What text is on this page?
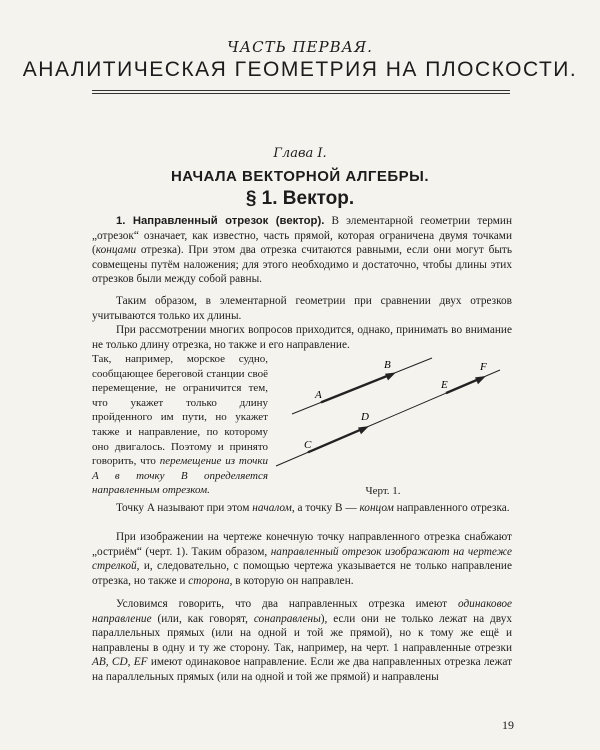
ЧАСТЬ ПЕРВАЯ.
АНАЛИТИЧЕСКАЯ ГЕОМЕТРИЯ НА ПЛОСКОСТИ.
Глава I.
НАЧАЛА ВЕКТОРНОЙ АЛГЕБРЫ.
§ 1. Вектор.

1. Направленный отрезок (вектор). В элементарной геометрии термин „отрезок“ означает, как известно, часть прямой, которая ограничена двумя точками (концами отрезка). При этом два отрезка считаются равными, если они могут быть совмещены путём наложения; для этого необходимо и достаточно, чтобы длины этих отрезков были между собой равны.

Таким образом, в элементарной геометрии при сравнении двух отрезков учитываются только их длины.

При рассмотрении многих вопросов приходится, однако, принимать во внимание не только длину отрезка, но также и его направление.

Так, например, морское судно, сообщающее береговой станции своё перемещение, не ограничится тем, что укажет только длину пройденного им пути, но укажет также и направление, по которому оно двигалось. Поэтому и принято говорить, что перемещение из точки A в точку B определяется направленным отрезком.

A
B
C
D
E
F
Черт. 1.

Точку A называют при этом началом, а точку B — концом направленного отрезка.

При изображении на чертеже конечную точку направленного отрезка снабжают „остриём“ (черт. 1). Таким образом, направленный отрезок изображают на чертеже стрелкой, и, следовательно, с помощью чертежа указывается не только направление отрезка, но также и сторона, в которую он направлен.

Условимся говорить, что два направленных отрезка имеют одинаковое направление (или, как говорят, сонаправлены), если они не только лежат на двух параллельных прямых (или на одной и той же прямой), но к тому же ещё и направлены в одну и ту же сторону. Так, например, на черт. 1 направленные отрезки AB, CD, EF имеют одинаковое направление. Если же два направленных отрезка лежат на параллельных прямых (или на одной и той же прямой) и направлены

19
